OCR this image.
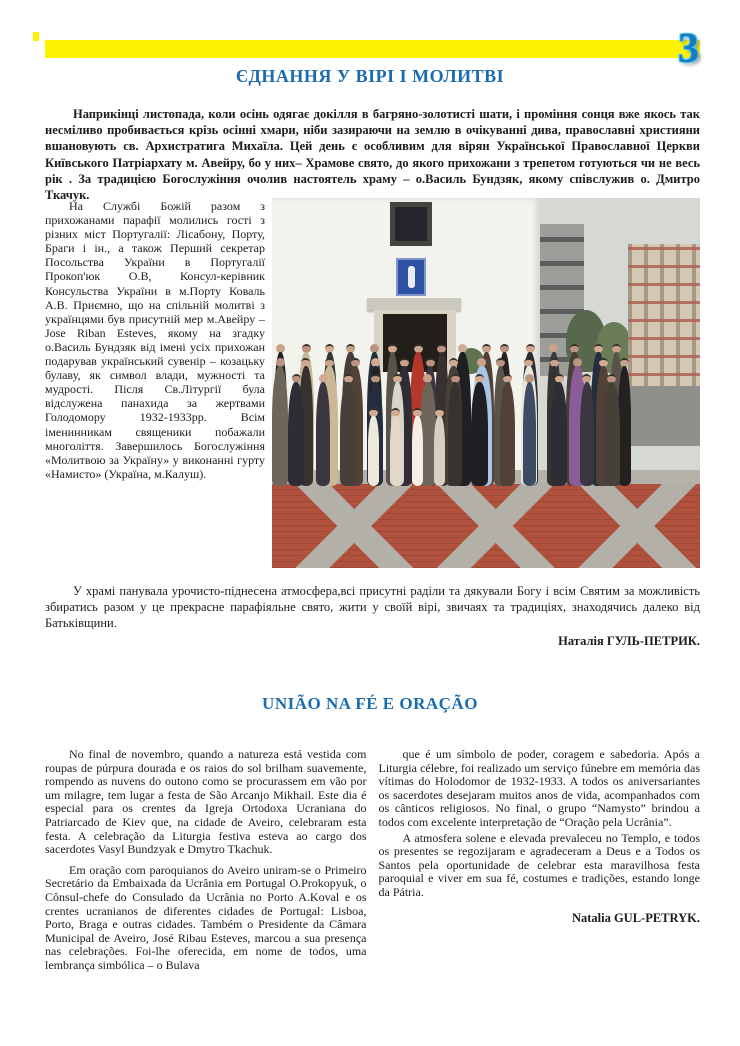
3
ЄДНАННЯ У ВІРІ І МОЛИТВІ
Наприкінці листопада, коли осінь одягає докілля в багряно-золотисті шати, і проміння сонця вже якось так несміливо пробивається крізь осінні хмари, ніби зазираючи на землю в очікуванні дива, православні християни вшановують св. Архистратига Михаїла. Цей день є особливим для вірян Української Православної Церкви Київського Патріархату м. Авейру, бо у них– Храмове свято, до якого прихожани з трепетом готуються чи не весь рік . За традицією Богослужіння очолив настоятель храму – о.Василь Бундзяк, якому співслужив о. Дмитро Ткачук.
На Службі Божій разом з прихожанами парафії молились гості з різних міст Португалії: Лісабону, Порту, Браги і ін., а також Перший секретар Посольства України в Португалії Прокоп'юк О.В, Консул-керівник Консульства України в м.Порту Коваль А.В. Приємно, що на спільній молитві з українцями був присутній мер м.Авейру – Jose Riban Esteves, якому на згадку о.Василь Бундзяк від імені усіх прихожан подарував український сувенір – козацьку булаву, як символ влади, мужності та мудрості. Після Св.Літургії була відслужена панахида за жертвами Голодомору 1932-1933рр. Всім іменинникам священики побажали многоліття. Завершилось Богослужіння «Молитвою за Україну» у виконанні гурту «Намисто» (Україна, м.Калуш).
У храмі панувала урочисто-піднесена атмосфера,всі присутні раділи та дякували Богу і всім Святим за можливість збиратись разом у це прекрасне парафіяльне свято, жити у своїй вірі, звичаях та традиціях, знаходячись далеко від Батьківщини.
Наталія ГУЛЬ-ПЕТРИК.
UNIÃO NA FÉ E ORAÇÃO

No final de novembro, quando a natureza está vestida com roupas de púrpura dourada e os raios do sol brilham suavemente, rompendo as nuvens do outono como se procurassem em vão por um milagre, tem lugar a festa de São Arcanjo Mikhail. Este dia é especial para os crentes da Igreja Ortodoxa Ucraniana do Patriarcado de Kiev que, na cidade de Aveiro, celebraram esta festa. A celebração da Liturgia festiva esteva ao cargo dos sacerdotes Vasyl Bundzyak e Dmytro Tkachuk.

Em oração com paroquianos do Aveiro uniram-se o Primeiro Secretário da Embaixada da Ucrânia em Portugal O.Prokopyuk, o Cônsul-chefe do Consulado da Ucrânia no Porto A.Koval e os crentes ucranianos de diferentes cidades de Portugal: Lisboa, Porto, Braga e outras cidades. Também o Presidente da Câmara Municipal de Aveiro, José Ribau Esteves, marcou a sua presença nas celebrações. Foi-lhe oferecida, em nome de todos, uma lembrança simbólica – o Bulava

que é um símbolo de poder, coragem e sabedoria. Após a Liturgia célebre, foi realizado um serviço fúnebre em memória das vítimas do Holodomor de 1932-1933. A todos os aniversariantes os sacerdotes desejaram muitos anos de vida, acompanhados com os cânticos religiosos. No final, o grupo “Namysto” brindou a todos com excelente interpretação de “Oração pela Ucrânia”.

A atmosfera solene e elevada prevaleceu no Templo, e todos os presentes se regozijaram e agradeceram a Deus e a Todos os Santos pela oportunidade de celebrar esta maravilhosa festa paroquial e viver em sua fé, costumes e tradições, estando longe da Pátria.

Natalia GUL-PETRYK.
